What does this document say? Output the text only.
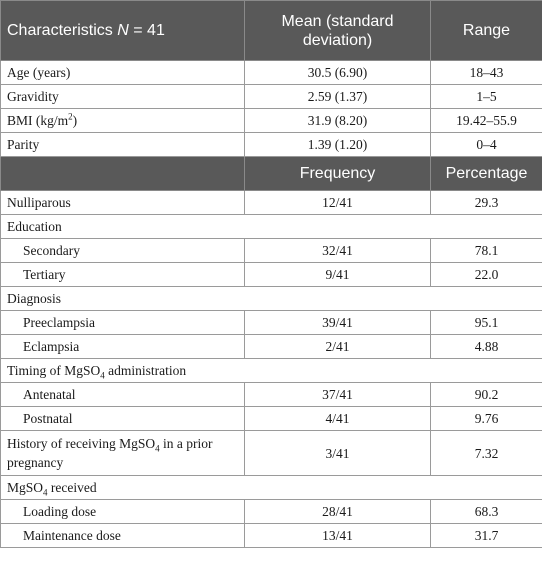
Characteristics N = 41	Mean (standard deviation)	Range
Age (years)	30.5 (6.90)	18–43
Gravidity	2.59 (1.37)	1–5
BMI $(kg/m^2)$	31.9 (8.20)	19.42–55.9
Parity	1.39 (1.20)	0–4
	Frequency	Percentage
Nulliparous	12/41	29.3
Education		
Secondary	32/41	78.1
Tertiary	9/41	22.0
Diagnosis		
Preeclampsia	39/41	95.1
Eclampsia	2/41	4.88
Timing of MgSO$_4$ administration		
Antenatal	37/41	90.2
Postnatal	4/41	9.76
History of receiving MgSO$_4$ in a prior pregnancy	3/41	7.32
MgSO$_4$ received		
Loading dose	28/41	68.3
Maintenance dose	13/41	31.7
